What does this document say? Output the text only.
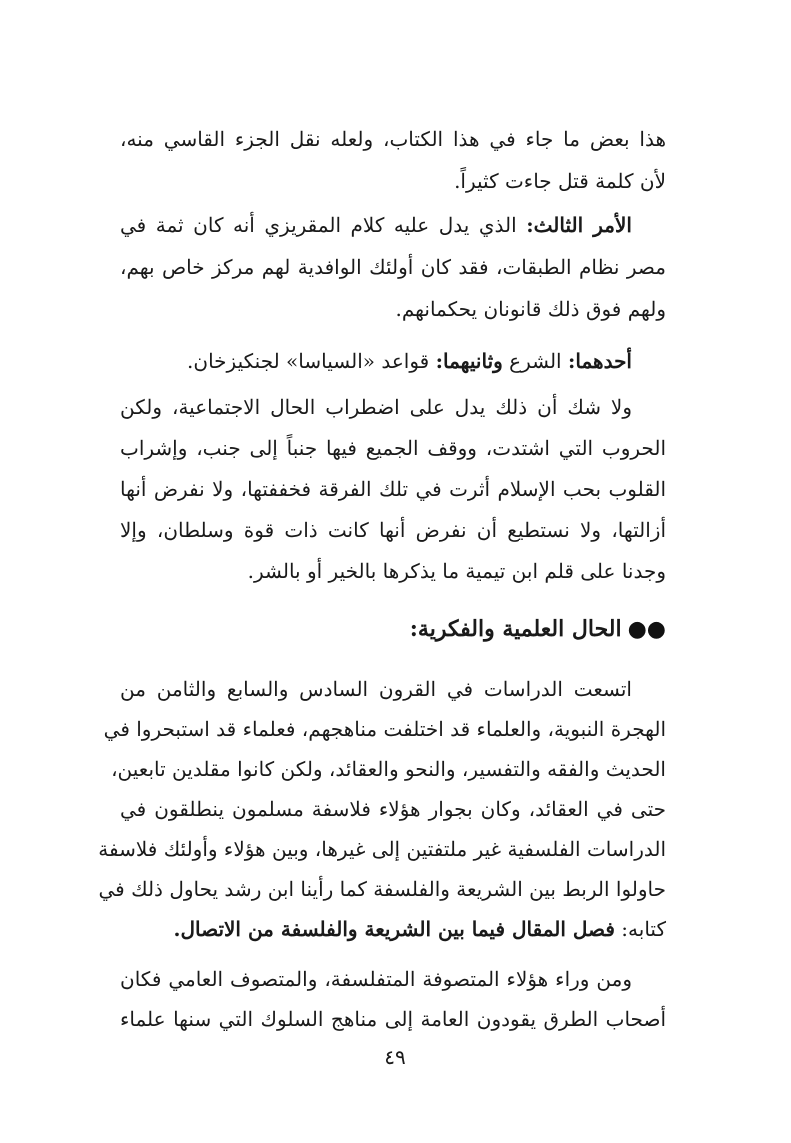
هذا بعض ما جاء في هذا الكتاب، ولعله نقل الجزء القاسي منه،
لأن كلمة قتل جاءت كثيراً.
الأمر الثالث: الذي يدل عليه كلام المقريزي أنه كان ثمة في
مصر نظام الطبقات، فقد كان أولئك الوافدية لهم مركز خاص بهم،
ولهم فوق ذلك قانونان يحكمانهم.
أحدهما: الشرع وثانيهما: قواعد «السياسا» لجنكيزخان.
ولا شك أن ذلك يدل على اضطراب الحال الاجتماعية، ولكن
الحروب التي اشتدت، ووقف الجميع فيها جنباً إلى جنب، وإشراب
القلوب بحب الإسلام أثرت في تلك الفرقة فخففتها، ولا نفرض أنها
أزالتها، ولا نستطيع أن نفرض أنها كانت ذات قوة وسلطان، وإلا
وجدنا على قلم ابن تيمية ما يذكرها بالخير أو بالشر.
●●الحال العلمية والفكرية:
اتسعت الدراسات في القرون السادس والسابع والثامن من
الهجرة النبوية، والعلماء قد اختلفت مناهجهم، فعلماء قد استبحروا في
الحديث والفقه والتفسير، والنحو والعقائد، ولكن كانوا مقلدين تابعين،
حتى في العقائد، وكان بجوار هؤلاء فلاسفة مسلمون ينطلقون في
الدراسات الفلسفية غير ملتفتين إلى غيرها، وبين هؤلاء وأولئك فلاسفة
حاولوا الربط بين الشريعة والفلسفة كما رأينا ابن رشد يحاول ذلك في
كتابه: فصل المقال فيما بين الشريعة والفلسفة من الاتصال.
ومن وراء هؤلاء المتصوفة المتفلسفة، والمتصوف العامي فكان
أصحاب الطرق يقودون العامة إلى مناهج السلوك التي سنها علماء
٤٩
